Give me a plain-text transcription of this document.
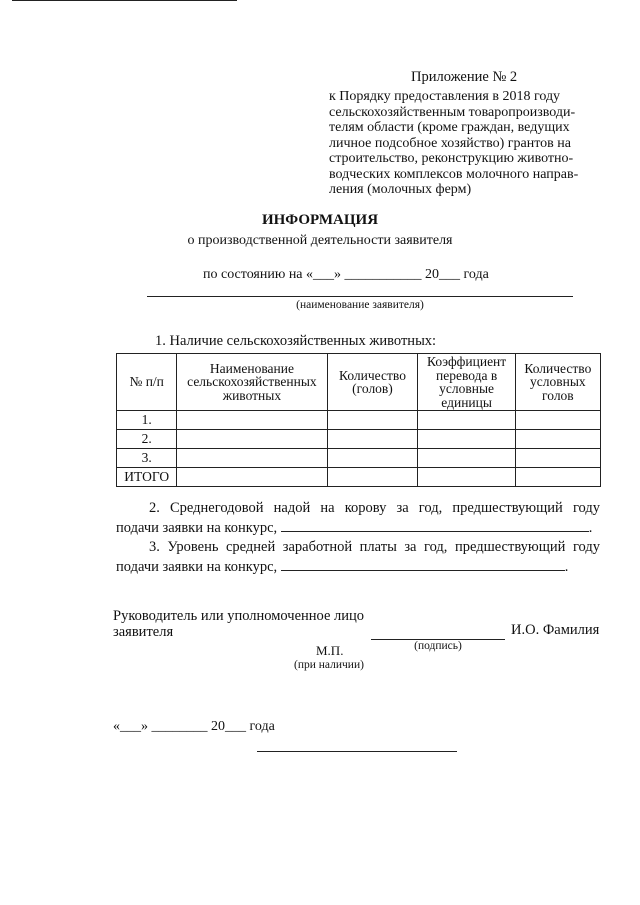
Приложение № 2
к Порядку предоставления в 2018 году
сельскохозяйственным товаропроизводи-
телям области (кроме граждан, ведущих
личное подсобное хозяйство) грантов на
строительство, реконструкцию животно-
водческих комплексов молочного направ-
ления (молочных ферм)
ИНФОРМАЦИЯ
о производственной деятельности заявителя
по состоянию на «___» ___________ 20___ года
(наименование заявителя)
1. Наличие сельскохозяйственных животных:
№ п/п	Наименование сельскохозяйственных животных	Количество (голов)	Коэффициент перевода в условные единицы	Количество условных голов
1.				
2.				
3.				
ИТОГО				
2. Среднегодовой надой на корову за год, предшествующий году
подачи заявки на конкурс,	.
3. Уровень средней заработной платы за год, предшествующий году
подачи заявки на конкурс,	.
Руководитель или уполномоченное лицо
заявителя
(подпись)
И.О. Фамилия
М.П.
(при наличии)
«___» ________ 20___ года
